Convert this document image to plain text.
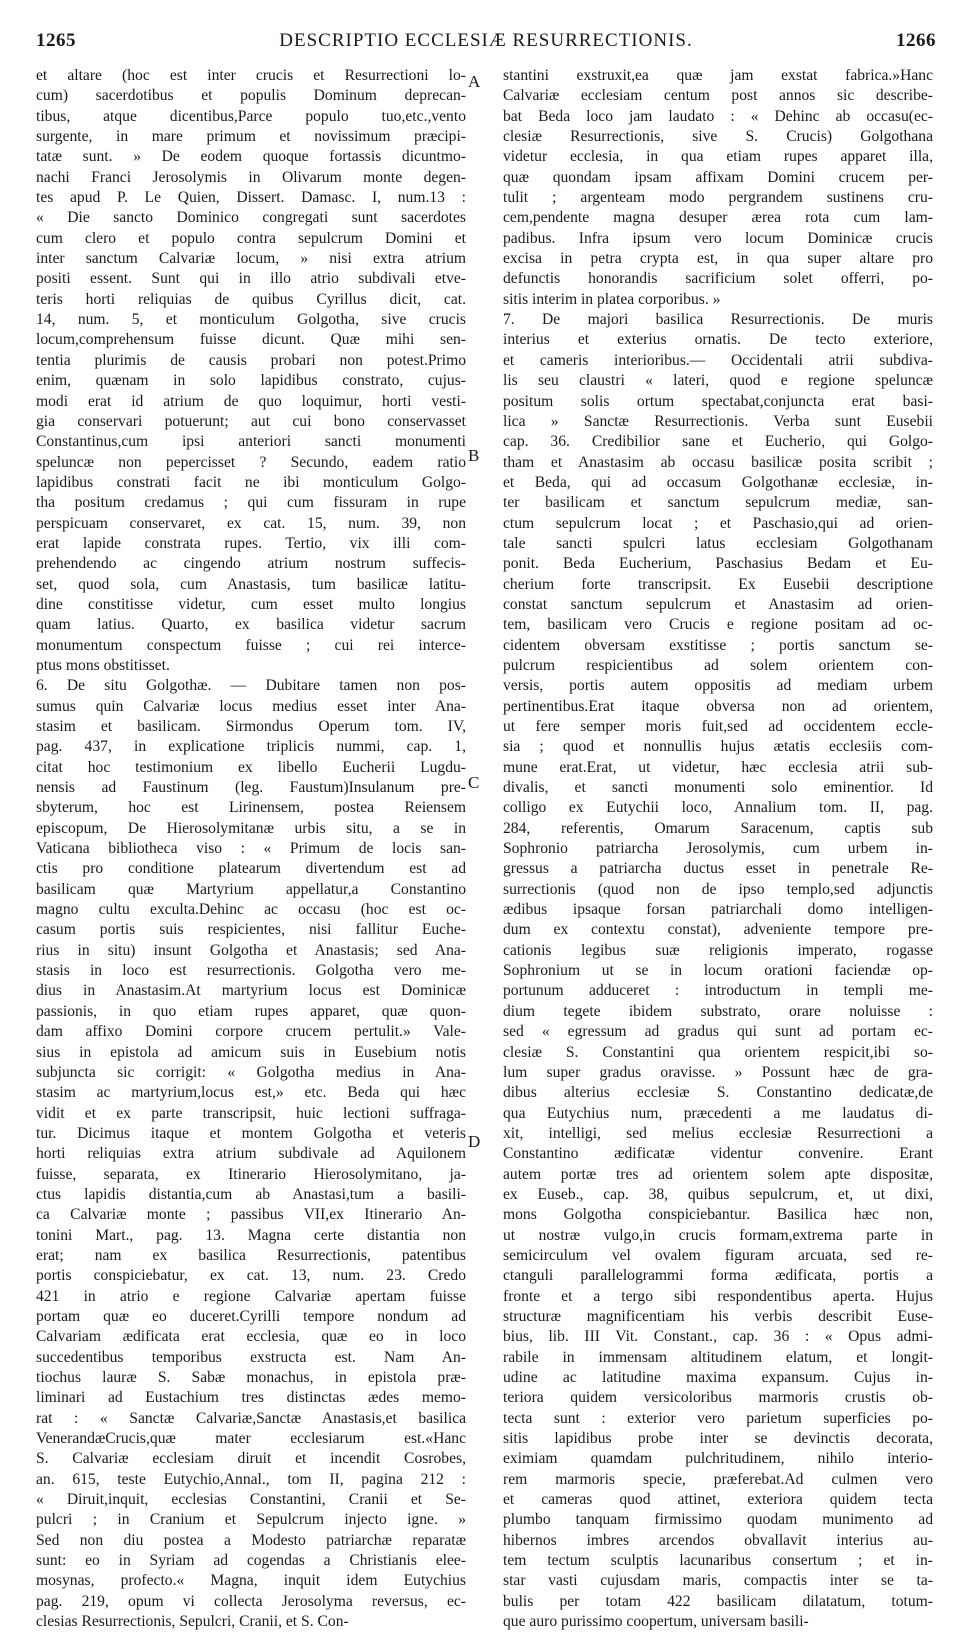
1265	DESCRIPTIO ECCLESIÆ RESURRECTIONIS.	1266
et altare (hoc est inter crucis et Resurrectioni lo-
cum) sacerdotibus et populis Dominum deprecan-
tibus, atque dicentibus,Parce populo tuo,etc.,vento
surgente, in mare primum et novissimum præcipi-
tatæ sunt. » De eodem quoque fortassis dicuntmo-
nachi Franci Jerosolymis in Olivarum monte degen-
tes apud P. Le Quien, Dissert. Damasc. I, num.13 :
« Die sancto Dominico congregati sunt sacerdotes
cum clero et populo contra sepulcrum Domini et
inter sanctum Calvariæ locum, » nisi extra atrium
positi essent. Sunt qui in illo atrio subdivali etve-
teris horti reliquias de quibus Cyrillus dicit, cat.
14, num. 5, et monticulum Golgotha, sive crucis
locum,comprehensum fuisse dicunt. Quæ mihi sen-
tentia plurimis de causis probari non potest.Primo
enim, quænam in solo lapidibus constrato, cujus-
modi erat id atrium de quo loquimur, horti vesti-
gia conservari potuerunt; aut cui bono conservasset
Constantinus,cum ipsi anteriori sancti monumenti
speluncæ non pepercisset ? Secundo, eadem ratio
lapidibus constrati facit ne ibi monticulum Golgo-
tha positum credamus ; qui cum fissuram in rupe
perspicuam conservaret, ex cat. 15, num. 39, non
erat lapide constrata rupes. Tertio, vix illi com-
prehendendo ac cingendo atrium nostrum suffecis-
set, quod sola, cum Anastasis, tum basilicæ latitu-
dine constitisse videtur, cum esset multo longius
quam latius. Quarto, ex basilica videtur sacrum
monumentum conspectum fuisse ; cui rei interce-
ptus mons obstitisset.
6. De situ Golgothæ. — Dubitare tamen non pos-
sumus quin Calvariæ locus medius esset inter Ana-
stasim et basilicam. Sirmondus Operum tom. IV,
pag. 437, in explicatione triplicis nummi, cap. 1,
citat hoc testimonium ex libello Eucherii Lugdu-
nensis ad Faustinum (leg. Faustum)Insulanum pre-
sbyterum, hoc est Lirinensem, postea Reiensem
episcopum, De Hierosolymitanæ urbis situ, a se in
Vaticana bibliotheca viso : « Primum de locis san-
ctis pro conditione platearum divertendum est ad
basilicam quæ Martyrium appellatur,a Constantino
magno cultu exculta.Dehinc ac occasu (hoc est oc-
casum portis suis respicientes, nisi fallitur Euche-
rius in situ) insunt Golgotha et Anastasis; sed Ana-
stasis in loco est resurrectionis. Golgotha vero me-
dius in Anastasim.At martyrium locus est Dominicæ
passionis, in quo etiam rupes apparet, quæ quon-
dam affixo Domini corpore crucem pertulit.» Vale-
sius in epistola ad amicum suis in Eusebium notis
subjuncta sic corrigit: « Golgotha medius in Ana-
stasim ac martyrium,locus est,» etc. Beda qui hæc
vidit et ex parte transcripsit, huic lectioni suffraga-
tur. Dicimus itaque et montem Golgotha et veteris
horti reliquias extra atrium subdivale ad Aquilonem
fuisse, separata, ex Itinerario Hierosolymitano, ja-
ctus lapidis distantia,cum ab Anastasi,tum a basili-
ca Calvariæ monte ; passibus VII,ex Itinerario An-
tonini Mart., pag. 13. Magna certe distantia non
erat; nam ex basilica Resurrectionis, patentibus
portis conspiciebatur, ex cat. 13, num. 23. Credo
421 in atrio e regione Calvariæ apertam fuisse
portam quæ eo duceret.Cyrilli tempore nondum ad
Calvariam ædificata erat ecclesia, quæ eo in loco
succedentibus temporibus exstructa est. Nam An-
tiochus lauræ S. Sabæ monachus, in epistola præ-
liminari ad Eustachium tres distinctas ædes memo-
rat : « Sanctæ Calvariæ,Sanctæ Anastasis,et basilica
VenerandæCrucis,quæ mater ecclesiarum est.«Hanc
S. Calvariæ ecclesiam diruit et incendit Cosrobes,
an. 615, teste Eutychio,Annal., tom II, pagina 212 :
« Diruit,inquit, ecclesias Constantini, Cranii et Se-
pulcri ; in Cranium et Sepulcrum injecto igne. »
Sed non diu postea a Modesto patriarchæ reparatæ
sunt: eo in Syriam ad cogendas a Christianis elee-
mosynas, profecto.« Magna, inquit idem Eutychius
pag. 219, opum vi collecta Jerosolyma reversus, ec-
clesias Resurrectionis, Sepulcri, Cranii, et S. Con-
stantini exstruxit,ea quæ jam exstat fabrica.»Hanc
Calvariæ ecclesiam centum post annos sic describe-
bat Beda loco jam laudato : « Dehinc ab occasu(ec-
clesiæ Resurrectionis, sive S. Crucis) Golgothana
videtur ecclesia, in qua etiam rupes apparet illa,
quæ quondam ipsam affixam Domini crucem per-
tulit ; argenteam modo pergrandem sustinens cru-
cem,pendente magna desuper ærea rota cum lam-
padibus. Infra ipsum vero locum Dominicæ crucis
excisa in petra crypta est, in qua super altare pro
defunctis honorandis sacrificium solet offerri, po-
sitis interim in platea corporibus. »
7. De majori basilica Resurrectionis. De muris
interius et exterius ornatis. De tecto exteriore,
et cameris interioribus.— Occidentali atrii subdiva-
lis seu claustri « lateri, quod e regione speluncæ
positum solis ortum spectabat,conjuncta erat basi-
lica » Sanctæ Resurrectionis. Verba sunt Eusebii
cap. 36. Credibilior sane et Eucherio, qui Golgo-
tham et Anastasim ab occasu basilicæ posita scribit ;
et Beda, qui ad occasum Golgothanæ ecclesiæ, in-
ter basilicam et sanctum sepulcrum mediæ, san-
ctum sepulcrum locat ; et Paschasio,qui ad orien-
tale sancti spulcri latus ecclesiam Golgothanam
ponit. Beda Eucherium, Paschasius Bedam et Eu-
cherium forte transcripsit. Ex Eusebii descriptione
constat sanctum sepulcrum et Anastasim ad orien-
tem, basilicam vero Crucis e regione positam ad oc-
cidentem obversam exstitisse ; portis sanctum se-
pulcrum respicientibus ad solem orientem con-
versis, portis autem oppositis ad mediam urbem
pertinentibus.Erat itaque obversa non ad orientem,
ut fere semper moris fuit,sed ad occidentem eccle-
sia ; quod et nonnullis hujus ætatis ecclesiis com-
mune erat.Erat, ut videtur, hæc ecclesia atrii sub-
divalis, et sancti monumenti solo eminentior. Id
colligo ex Eutychii loco, Annalium tom. II, pag.
284, referentis, Omarum Saracenum, captis sub
Sophronio patriarcha Jerosolymis, cum urbem in-
gressus a patriarcha ductus esset in penetrale Re-
surrectionis (quod non de ipso templo,sed adjunctis
ædibus ipsaque forsan patriarchali domo intelligen-
dum ex contextu constat), adveniente tempore pre-
cationis legibus suæ religionis imperato, rogasse
Sophronium ut se in locum orationi faciendæ op-
portunum adduceret : introductum in templi me-
dium tegete ibidem substrato, orare noluisse :
sed « egressum ad gradus qui sunt ad portam ec-
clesiæ S. Constantini qua orientem respicit,ibi so-
lum super gradus oravisse. » Possunt hæc de gra-
dibus alterius ecclesiæ S. Constantino dedicatæ,de
qua Eutychius num, præcedenti a me laudatus di-
xit, intelligi, sed melius ecclesiæ Resurrectioni a
Constantino ædificatæ videntur convenire. Erant
autem portæ tres ad orientem solem apte dispositæ,
ex Euseb., cap. 38, quibus sepulcrum, et, ut dixi,
mons Golgotha conspiciebantur. Basilica hæc non,
ut nostræ vulgo,in crucis formam,extrema parte in
semicirculum vel ovalem figuram arcuata, sed re-
ctanguli parallelogrammi forma ædificata, portis a
fronte et a tergo sibi respondentibus aperta. Hujus
structuræ magnificentiam his verbis describit Euse-
bius, lib. III Vit. Constant., cap. 36 : « Opus admi-
rabile in immensam altitudinem elatum, et longit-
udine ac latitudine maxima expansum. Cujus in-
teriora quidem versicoloribus marmoris crustis ob-
tecta sunt : exterior vero parietum superficies po-
sitis lapidibus probe inter se devinctis decorata,
eximiam quamdam pulchritudinem, nihilo interio-
rem marmoris specie, præferebat.Ad culmen vero
et cameras quod attinet, exteriora quidem tecta
plumbo tanquam firmissimo quodam munimento ad
hibernos imbres arcendos obvallavit interius au-
tem tectum sculptis lacunaribus consertum ; et in-
star vasti cujusdam maris, compactis inter se ta-
bulis per totam 422 basilicam dilatatum, totum-
que auro purissimo coopertum, universam basili-
A
B
C
D
